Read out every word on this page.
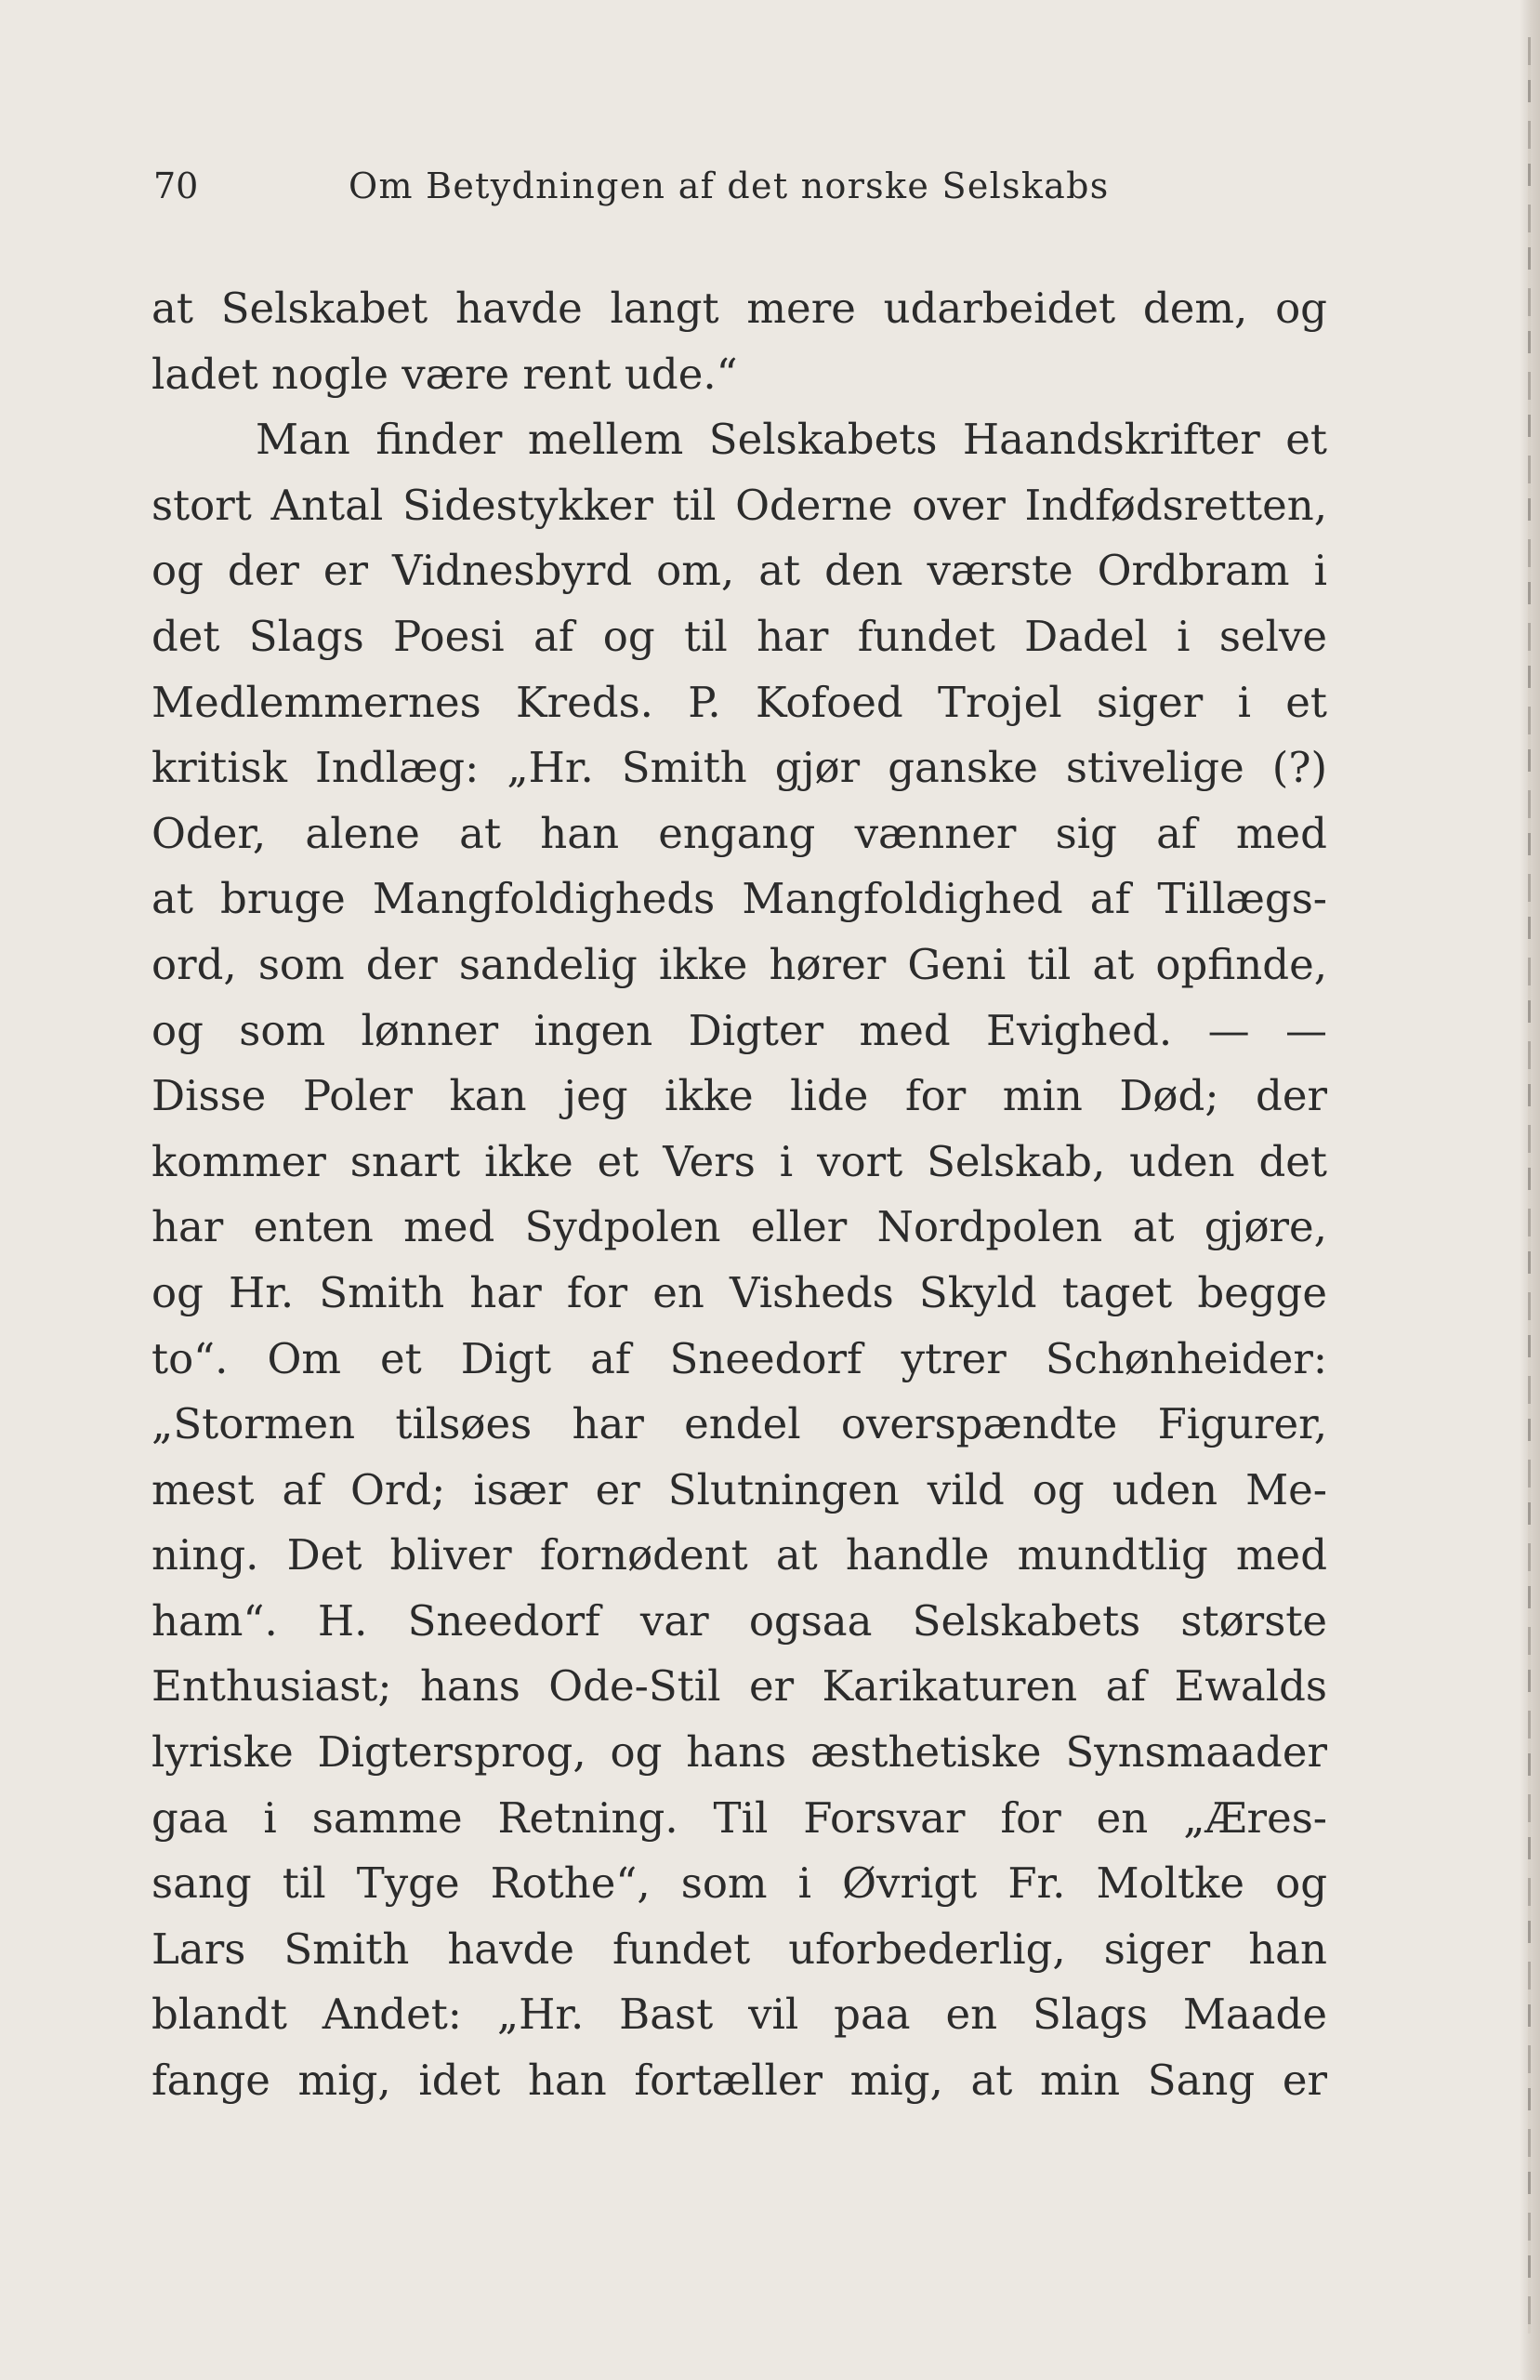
70	Om Betydningen af det norske Selskabs
at Selskabet havde langt mere udarbeidet dem, og
ladet nogle være rent ude.“
Man finder mellem Selskabets Haandskrifter et
stort Antal Sidestykker til Oderne over Indfødsretten,
og der er Vidnesbyrd om, at den værste Ordbram i
det Slags Poesi af og til har fundet Dadel i selve
Medlemmernes Kreds. P. Kofoed Trojel siger i et
kritisk Indlæg: „Hr. Smith gjør ganske stivelige (?)
Oder, alene at han engang vænner sig af med
at bruge Mangfoldigheds Mangfoldighed af Tillægs-
ord, som der sandelig ikke hører Geni til at opfinde,
og som lønner ingen Digter med Evighed. — —
Disse Poler kan jeg ikke lide for min Død; der
kommer snart ikke et Vers i vort Selskab, uden det
har enten med Sydpolen eller Nordpolen at gjøre,
og Hr. Smith har for en Visheds Skyld taget begge
to“. Om et Digt af Sneedorf ytrer Schønheider:
„Stormen tilsøes har endel overspændte Figurer,
mest af Ord; især er Slutningen vild og uden Me-
ning. Det bliver fornødent at handle mundtlig med
ham“. H. Sneedorf var ogsaa Selskabets største
Enthusiast; hans Ode-Stil er Karikaturen af Ewalds
lyriske Digtersprog, og hans æsthetiske Synsmaader
gaa i samme Retning. Til Forsvar for en „Æres-
sang til Tyge Rothe“, som i Øvrigt Fr. Moltke og
Lars Smith havde fundet uforbederlig, siger han
blandt Andet: „Hr. Bast vil paa en Slags Maade
fange mig, idet han fortæller mig, at min Sang er
